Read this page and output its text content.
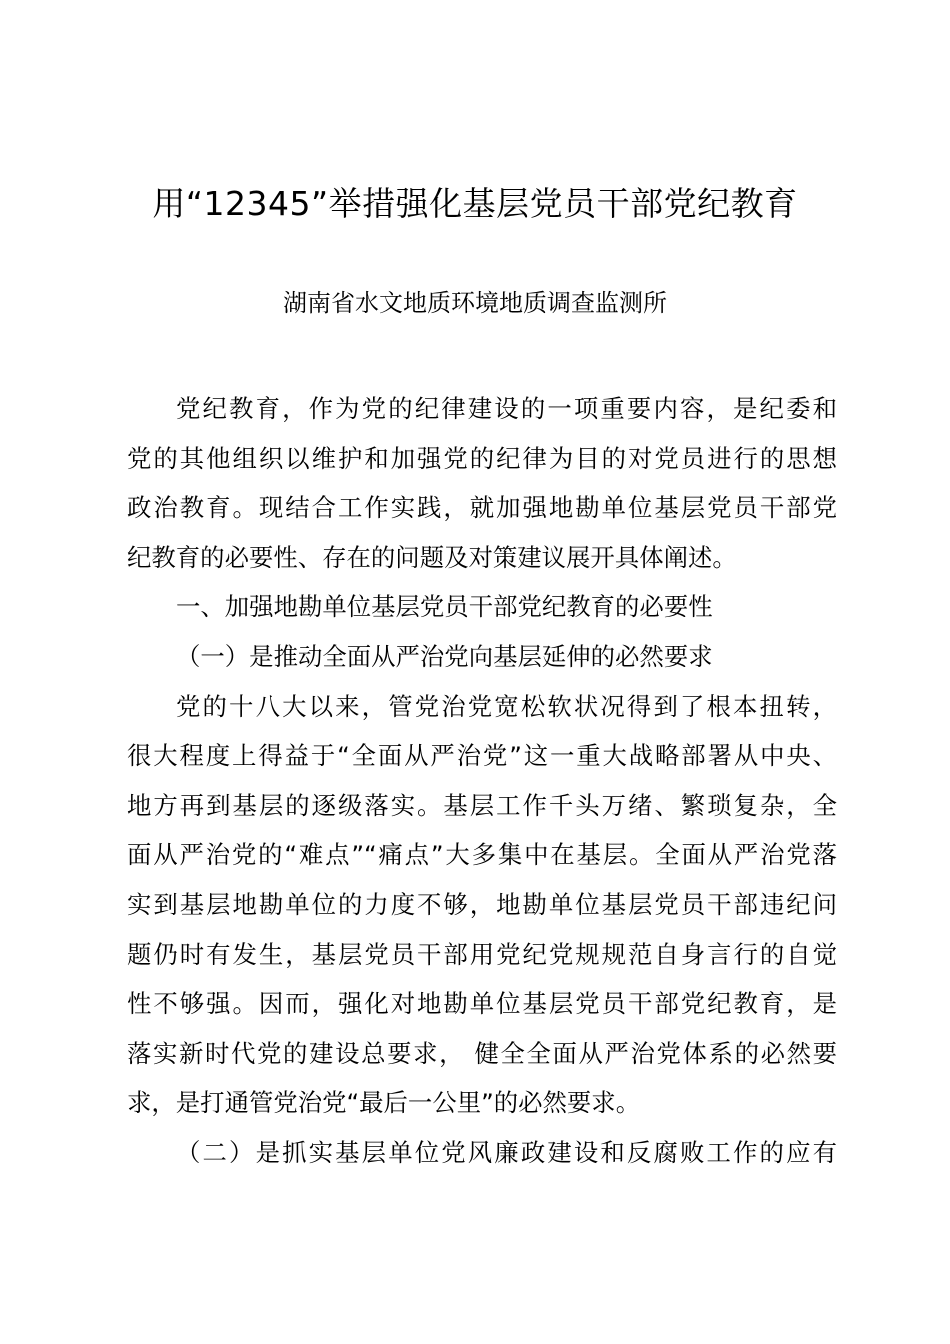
用“12345”举措强化基层党员干部党纪教育
湖南省水文地质环境地质调查监测所
党纪教育，作为党的纪律建设的一项重要内容，是纪委和
党的其他组织以维护和加强党的纪律为目的对党员进行的思想
政治教育。现结合工作实践，就加强地勘单位基层党员干部党
纪教育的必要性、存在的问题及对策建议展开具体阐述。
一、加强地勘单位基层党员干部党纪教育的必要性
（一）是推动全面从严治党向基层延伸的必然要求
党的十八大以来，管党治党宽松软状况得到了根本扭转，
很大程度上得益于“全面从严治党”这一重大战略部署从中央、
地方再到基层的逐级落实。基层工作千头万绪、繁琐复杂，全
面从严治党的“难点”“痛点”大多集中在基层。全面从严治党落
实到基层地勘单位的力度不够，地勘单位基层党员干部违纪问
题仍时有发生，基层党员干部用党纪党规规范自身言行的自觉
性不够强。因而，强化对地勘单位基层党员干部党纪教育，是
落实新时代党的建设总要求， 健全全面从严治党体系的必然要
求，是打通管党治党“最后一公里”的必然要求。
（二）是抓实基层单位党风廉政建设和反腐败工作的应有
